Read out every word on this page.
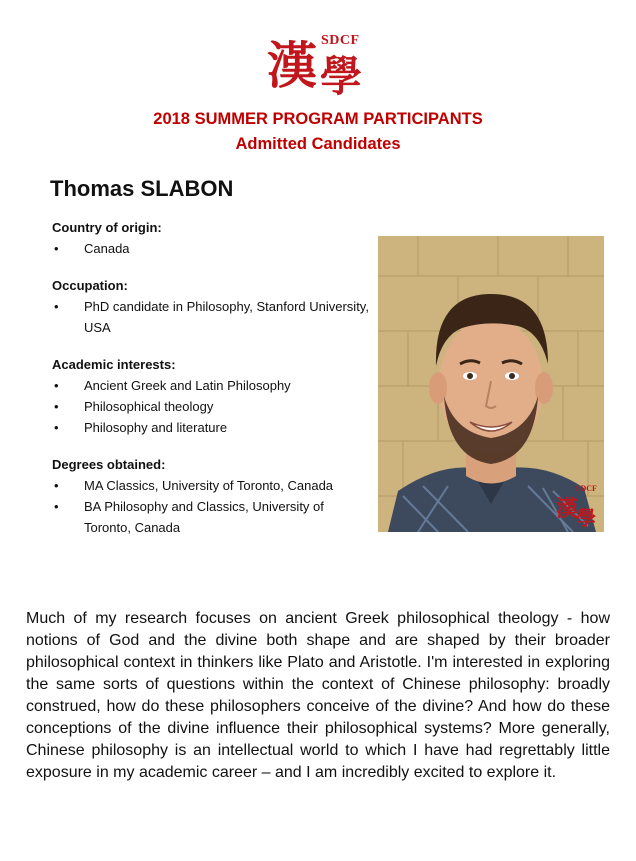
漢 學
SDCF
2018 SUMMER PROGRAM PARTICIPANTS
Admitted Candidates
Thomas SLABON
Country of origin:
• Canada
Occupation:
• PhD candidate in Philosophy, Stanford University, USA
Academic interests:
• Ancient Greek and Latin Philosophy
• Philosophical theology
• Philosophy and literature
Degrees obtained:
• MA Classics, University of Toronto, Canada
• BA Philosophy and Classics, University of Toronto, Canada
漢
學
SDCF
Much of my research focuses on ancient Greek philosophical theology - how notions of God and the divine both shape and are shaped by their broader philosophical context in thinkers like Plato and Aristotle. I'm interested in exploring the same sorts of questions within the context of Chinese philosophy: broadly construed, how do these philosophers conceive of the divine? And how do these conceptions of the divine influence their philosophical systems? More generally, Chinese philosophy is an intellectual world to which I have had regrettably little exposure in my academic career – and I am incredibly excited to explore it.
